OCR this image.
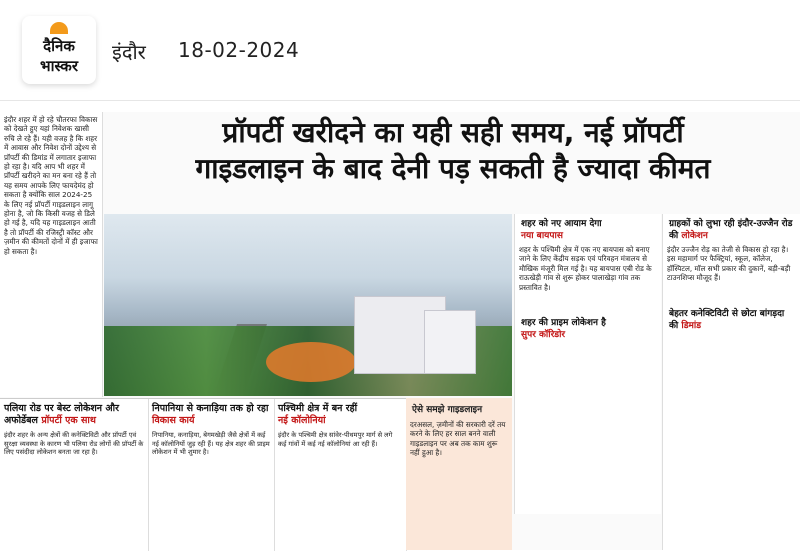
दैनिक
भास्कर
इंदौर 18-02-2024
इंदौर शहर में हो रहे चौतरफा विकास को देखते हुए यहां निवेशक खासी रुचि ले रहे हैं। यही वजह है कि शहर में आवास और निवेश दोनों उद्देश्य से प्रॉपर्टी की डिमांड में लगातार इजाफा हो रहा है। यदि आप भी शहर में प्रॉपर्टी खरीदने का मन बना रहे हैं तो यह समय आपके लिए फायदेमंद हो सकता है क्योंकि साल 2024-25 के लिए नई प्रॉपर्टी गाइडलाइन लागू होना है, जो कि किसी वजह से डिले हो गई है, यदि यह गाइडलाइन आती है तो प्रॉपर्टी की रजिस्ट्री कॉस्ट और ज़मीन की कीमतों दोनों में ही इजाफा हो सकता है।
प्रॉपर्टी खरीदने का यही सही समय, नई प्रॉपर्टी
गाइडलाइन के बाद देनी पड़ सकती है ज्यादा कीमत
शहर को नए आयाम देगा
नया बायपास
शहर के पश्चिमी क्षेत्र में एक नए बायपास को बनाए जाने के लिए केंद्रीय सड़क एवं परिवहन मंत्रालय से मौखिक मंजूरी मिल गई है। यह बायपास एबी रोड के राऊखेड़ी गांव से शुरू होकर पालाखेड़ा गांव तक प्रस्तावित है।
शहर की प्राइम लोकेशन है
सुपर कॉरिडोर
ग्राहकों को लुभा रही इंदौर-उज्जैन रोड की लोकेशन
इंदौर उज्जैन रोड़ का तेजी से विकास हो रहा है। इस महामार्ग पर फैक्ट्रियां, स्कूल, कॉलेज, हॉस्पिटल, मॉल सभी प्रकार की दुकानें, बड़ी-बड़ी टाउनशिप्स मौजूद हैं।
बेहतर कनेक्टिविटी से छोटा बांगड़दा की डिमांड
पलिया रोड पर बेस्ट लोकेशन और अफोर्डेबल प्रॉपर्टी एक साथ
इंदौर शहर के अन्य क्षेत्रों की कनेक्टिविटी और प्रॉपर्टी एवं सुरक्षा व्यवस्था के कारण भी पलिया रोड लोगों की प्रॉपर्टी के लिए पसंदीदा लोकेशन बनता जा रहा है।
निपानिया से कनाड़िया तक हो रहा विकास कार्य
निपानिया, कनाड़िया, बेगमखेड़ी जैसे क्षेत्रों में कई नई कॉलोनियों जुड़ रही हैं। यह क्षेत्र शहर की प्राइम लोकेशन में भी शुमार है।
पश्चिमी क्षेत्र में बन रहीं
नई कॉलोनियां
इंदौर के पश्चिमी क्षेत्र सांवेर-पीथमपुर मार्ग से लगे कई गांवों में कई नई कॉलोनियां आ रही हैं।
ऐसे समझे गाइडलाइन
दरअसल, ज़मीनों की सरकारी दरें तय करने के लिए हर साल बनने वाली गाइडलाइन पर अब तक काम शुरू नहीं हुआ है।
